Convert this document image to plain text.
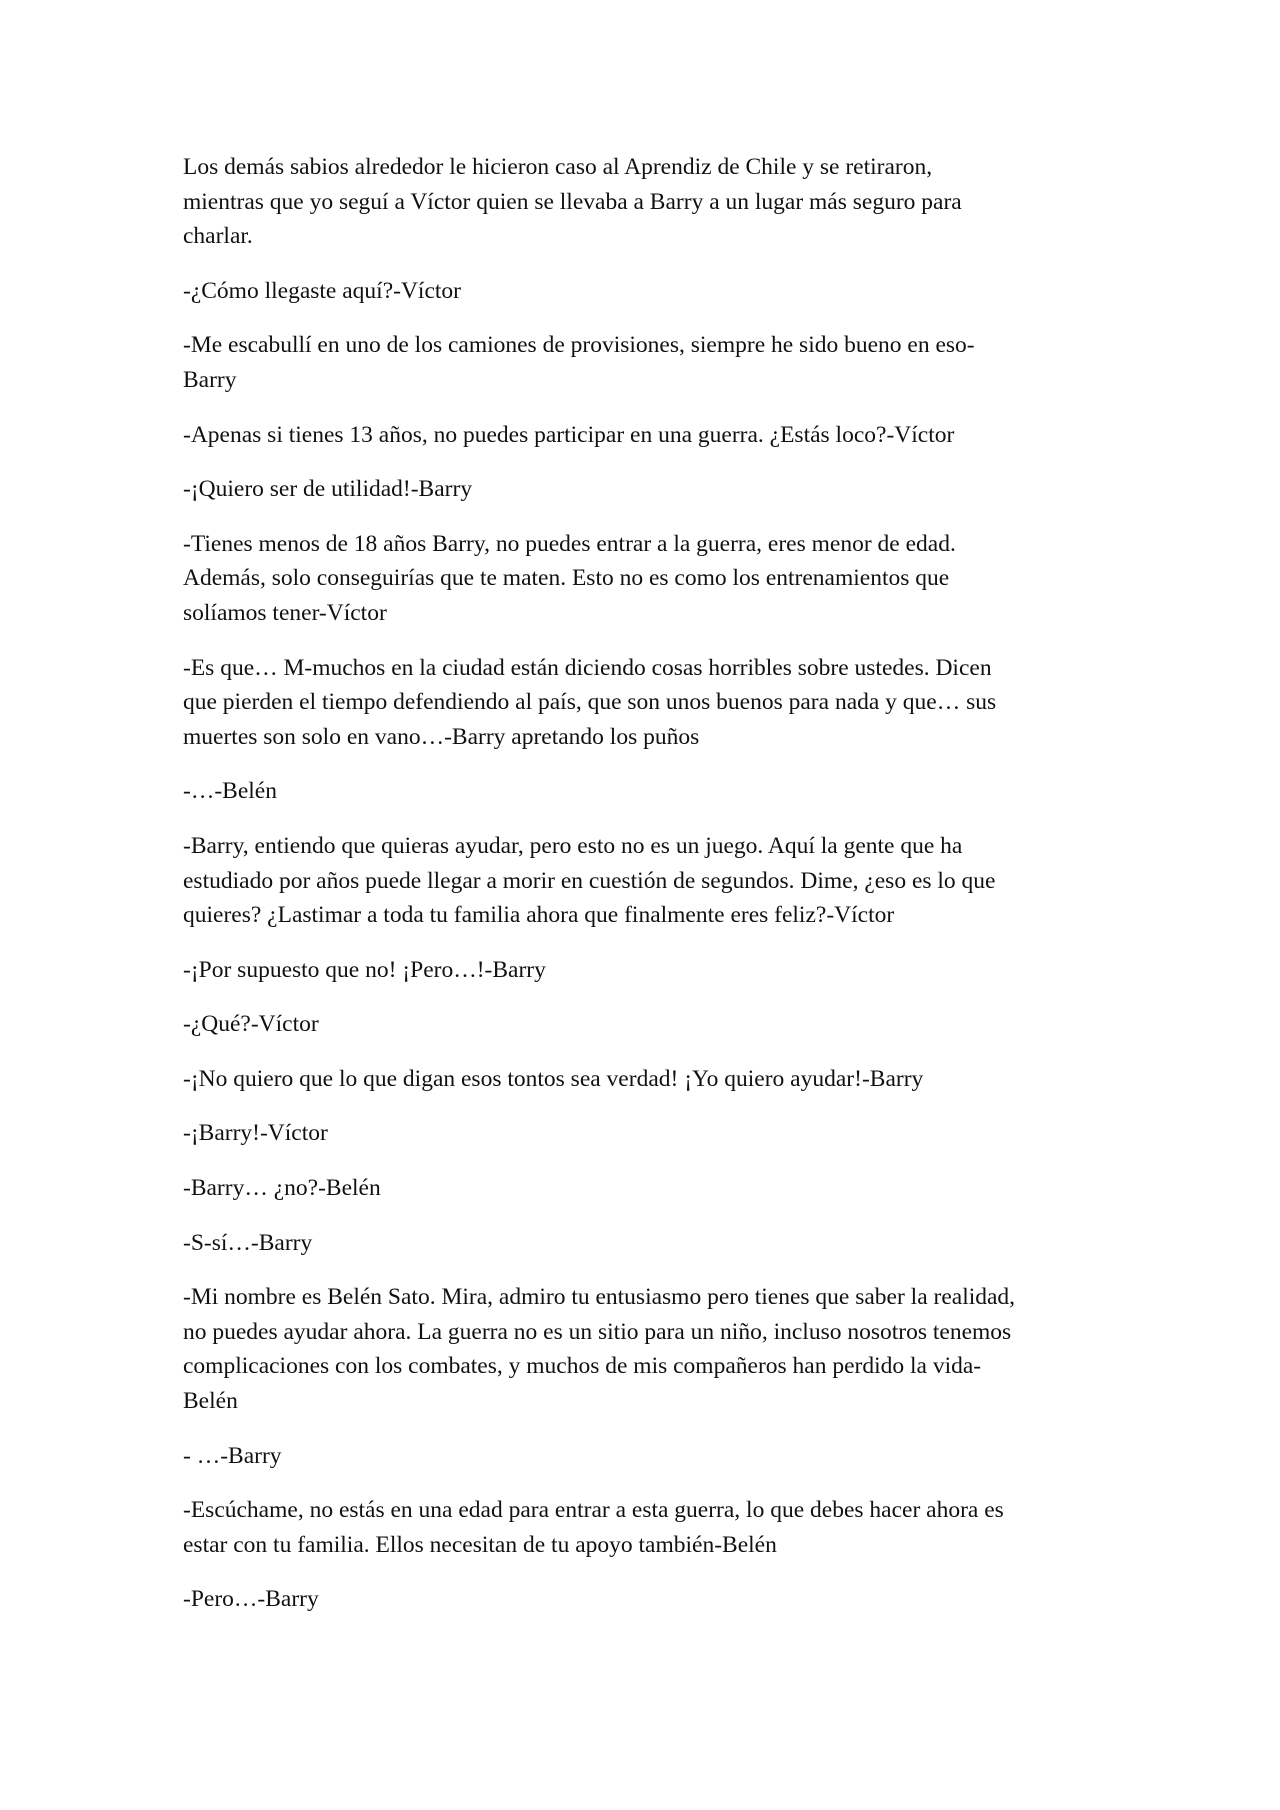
Los demás sabios alrededor le hicieron caso al Aprendiz de Chile y se retiraron,
mientras que yo seguí a Víctor quien se llevaba a Barry a un lugar más seguro para
charlar.

-¿Cómo llegaste aquí?-Víctor

-Me escabullí en uno de los camiones de provisiones, siempre he sido bueno en eso-
Barry

-Apenas si tienes 13 años, no puedes participar en una guerra. ¿Estás loco?-Víctor

-¡Quiero ser de utilidad!-Barry

-Tienes menos de 18 años Barry, no puedes entrar a la guerra, eres menor de edad.
Además, solo conseguirías que te maten. Esto no es como los entrenamientos que
solíamos tener-Víctor

-Es que… M-muchos en la ciudad están diciendo cosas horribles sobre ustedes. Dicen
que pierden el tiempo defendiendo al país, que son unos buenos para nada y que… sus
muertes son solo en vano…-Barry apretando los puños

-…-Belén

-Barry, entiendo que quieras ayudar, pero esto no es un juego. Aquí la gente que ha
estudiado por años puede llegar a morir en cuestión de segundos. Dime, ¿eso es lo que
quieres? ¿Lastimar a toda tu familia ahora que finalmente eres feliz?-Víctor

-¡Por supuesto que no! ¡Pero…!-Barry

-¿Qué?-Víctor

-¡No quiero que lo que digan esos tontos sea verdad! ¡Yo quiero ayudar!-Barry

-¡Barry!-Víctor

-Barry… ¿no?-Belén

-S-sí…-Barry

-Mi nombre es Belén Sato. Mira, admiro tu entusiasmo pero tienes que saber la realidad,
no puedes ayudar ahora. La guerra no es un sitio para un niño, incluso nosotros tenemos
complicaciones con los combates, y muchos de mis compañeros han perdido la vida-
Belén

- …-Barry

-Escúchame, no estás en una edad para entrar a esta guerra, lo que debes hacer ahora es
estar con tu familia. Ellos necesitan de tu apoyo también-Belén

-Pero…-Barry
